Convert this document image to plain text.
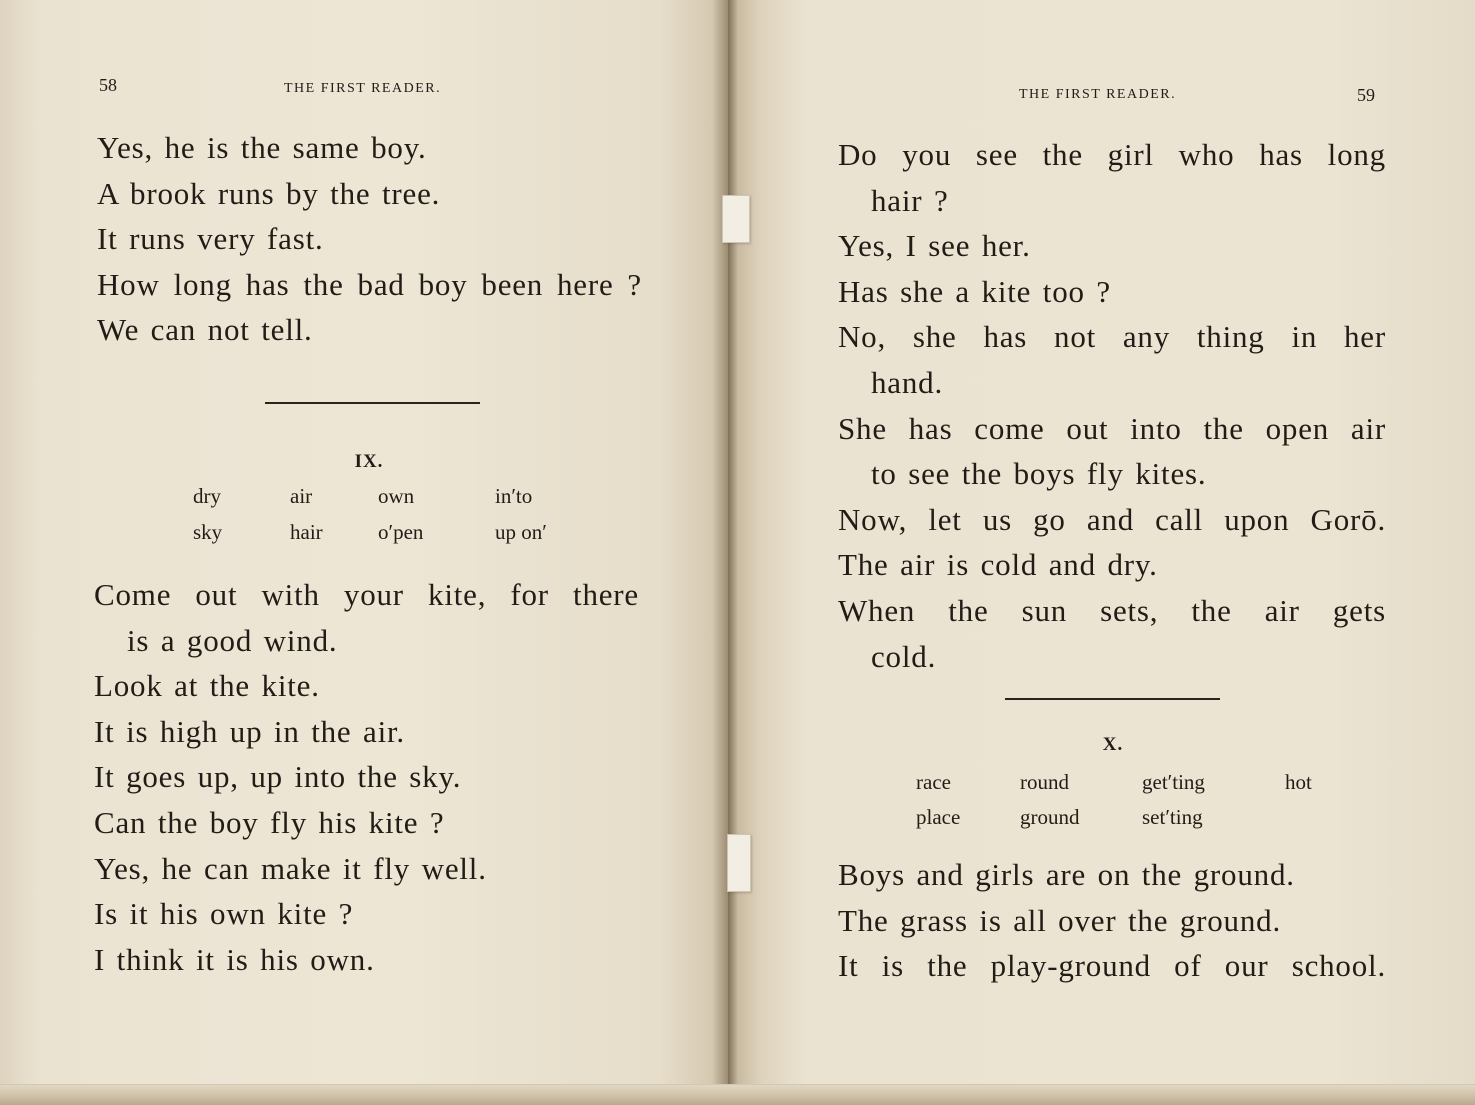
58	THE FIRST READER.
Yes, he is the same boy.
A brook runs by the tree.
It runs very fast.
How long has the bad boy been here ?
We can not tell.
59
THE FIRST READER.
IX.
dry	air	own	in′to
sky	hair	o′pen	up on′
Come out with your kite, for there
is a good wind.
Look at the kite.
It is high up in the air.
It goes up, up into the sky.
Can the boy fly his kite ?
Yes, he can make it fly well.
Is it his own kite ?
I think it is his own.
Do you see the girl who has long
hair ?
Yes, I see her.
Has she a kite too ?
No, she has not any thing in her
hand.
She has come out into the open air
to see the boys fly kites.
Now, let us go and call upon Gorō.
The air is cold and dry.
When the sun sets, the air gets
cold.
X.
race	round	get′ting	hot
place	ground	set′ting
Boys and girls are on the ground.
The grass is all over the ground.
It is the play-ground of our school.
